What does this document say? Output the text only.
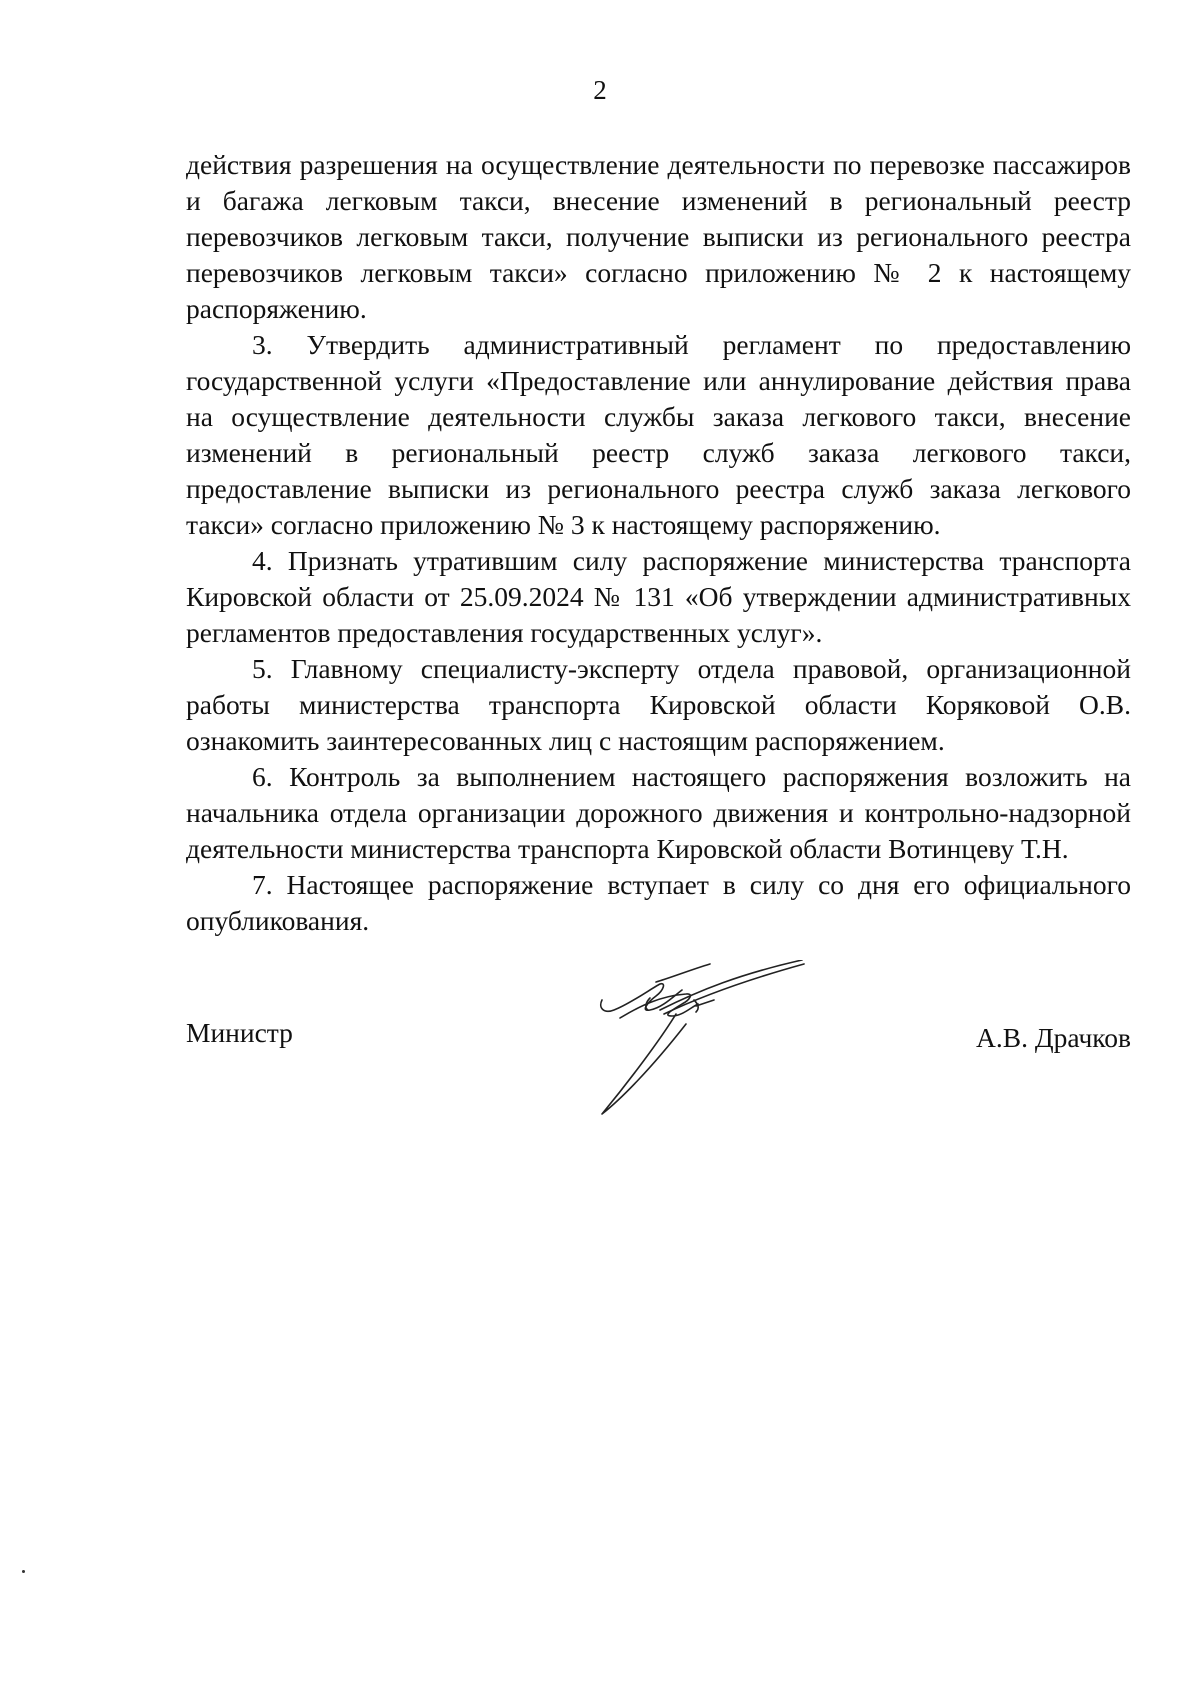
2

действия разрешения на осуществление деятельности по перевозке пассажиров и багажа легковым такси, внесение изменений в региональный реестр перевозчиков легковым такси, получение выписки из регионального реестра перевозчиков легковым такси» согласно приложению № 2 к настоящему распоряжению.

3. Утвердить административный регламент по предоставлению государственной услуги «Предоставление или аннулирование действия права на осуществление деятельности службы заказа легкового такси, внесение изменений в региональный реестр служб заказа легкового такси, предоставление выписки из регионального реестра служб заказа легкового такси» согласно приложению № 3 к настоящему распоряжению.

4. Признать утратившим силу распоряжение министерства транспорта Кировской области от 25.09.2024 № 131 «Об утверждении административных регламентов предоставления государственных услуг».

5. Главному специалисту-эксперту отдела правовой, организационной работы министерства транспорта Кировской области Коряковой О.В. ознакомить заинтересованных лиц с настоящим распоряжением.

6. Контроль за выполнением настоящего распоряжения возложить на начальника отдела организации дорожного движения и контрольно-надзорной деятельности министерства транспорта Кировской области Вотинцеву Т.Н.

7. Настоящее распоряжение вступает в силу со дня его официального опубликования.

Министр	А.В. Драчков
